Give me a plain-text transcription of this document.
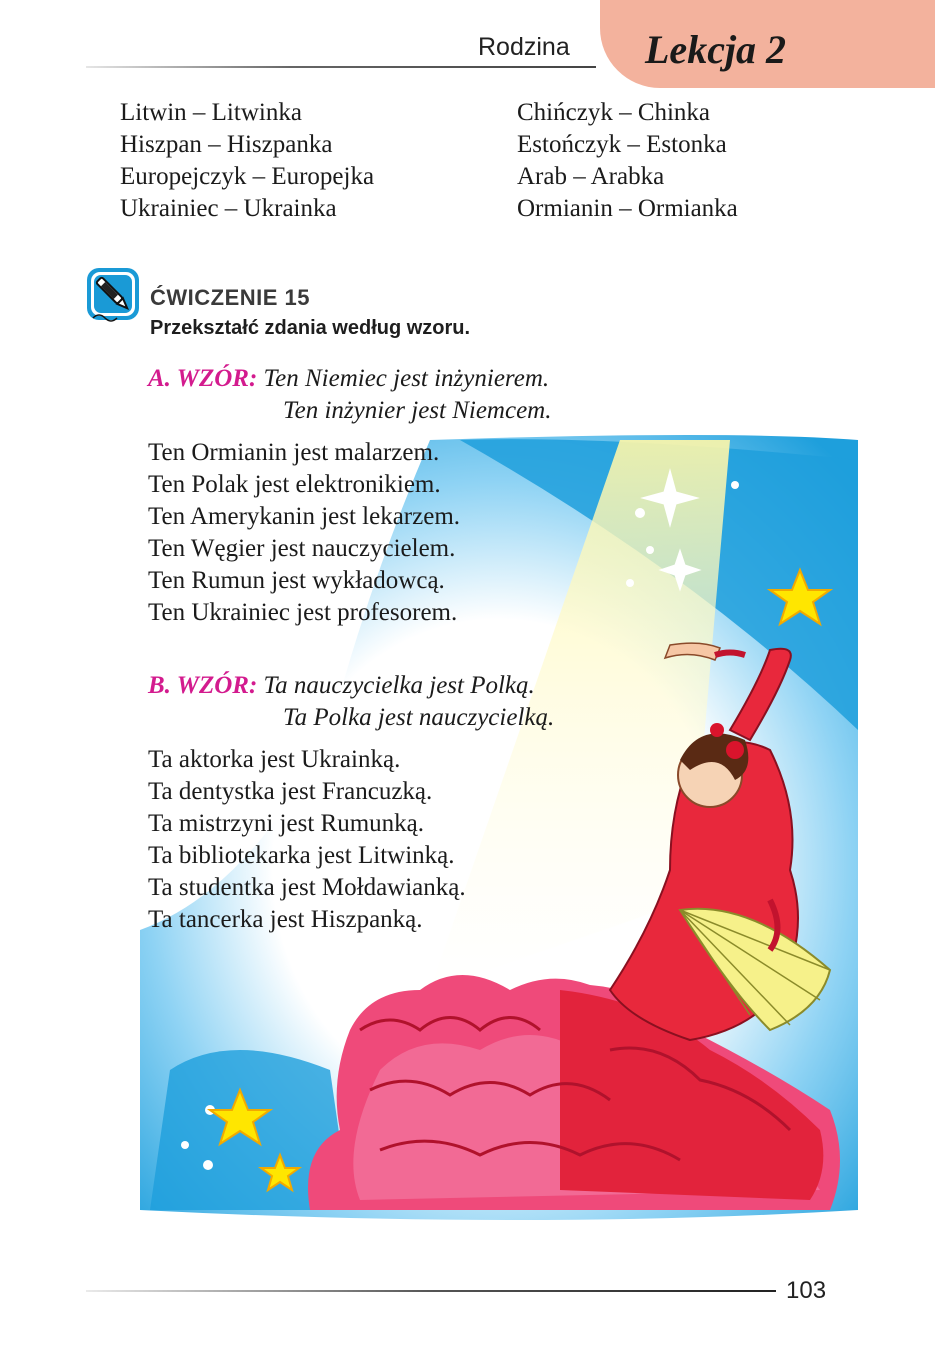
Rodzina Lekcja 2
Litwin – Litwinka
Hiszpan – Hiszpanka
Europejczyk – Europejka
Ukrainiec – Ukrainka
Chińczyk – Chinka
Estończyk – Estonka
Arab – Arabka
Ormianin – Ormianka
ĆWICZENIE 15
Przekształć zdania według wzoru.
A. WZÓR: Ten Niemiec jest inżynierem.
Ten inżynier jest Niemcem.
Ten Ormianin jest malarzem.
Ten Polak jest elektronikiem.
Ten Amerykanin jest lekarzem.
Ten Węgier jest nauczycielem.
Ten Rumun jest wykładowcą.
Ten Ukrainiec jest profesorem.
B. WZÓR: Ta nauczycielka jest Polką.
Ta Polka jest nauczycielką.
Ta aktorka jest Ukrainką.
Ta dentystka jest Francuzką.
Ta mistrzyni jest Rumunką.
Ta bibliotekarka jest Litwinką.
Ta studentka jest Mołdawianką.
Ta tancerka jest Hiszpanką.
103
